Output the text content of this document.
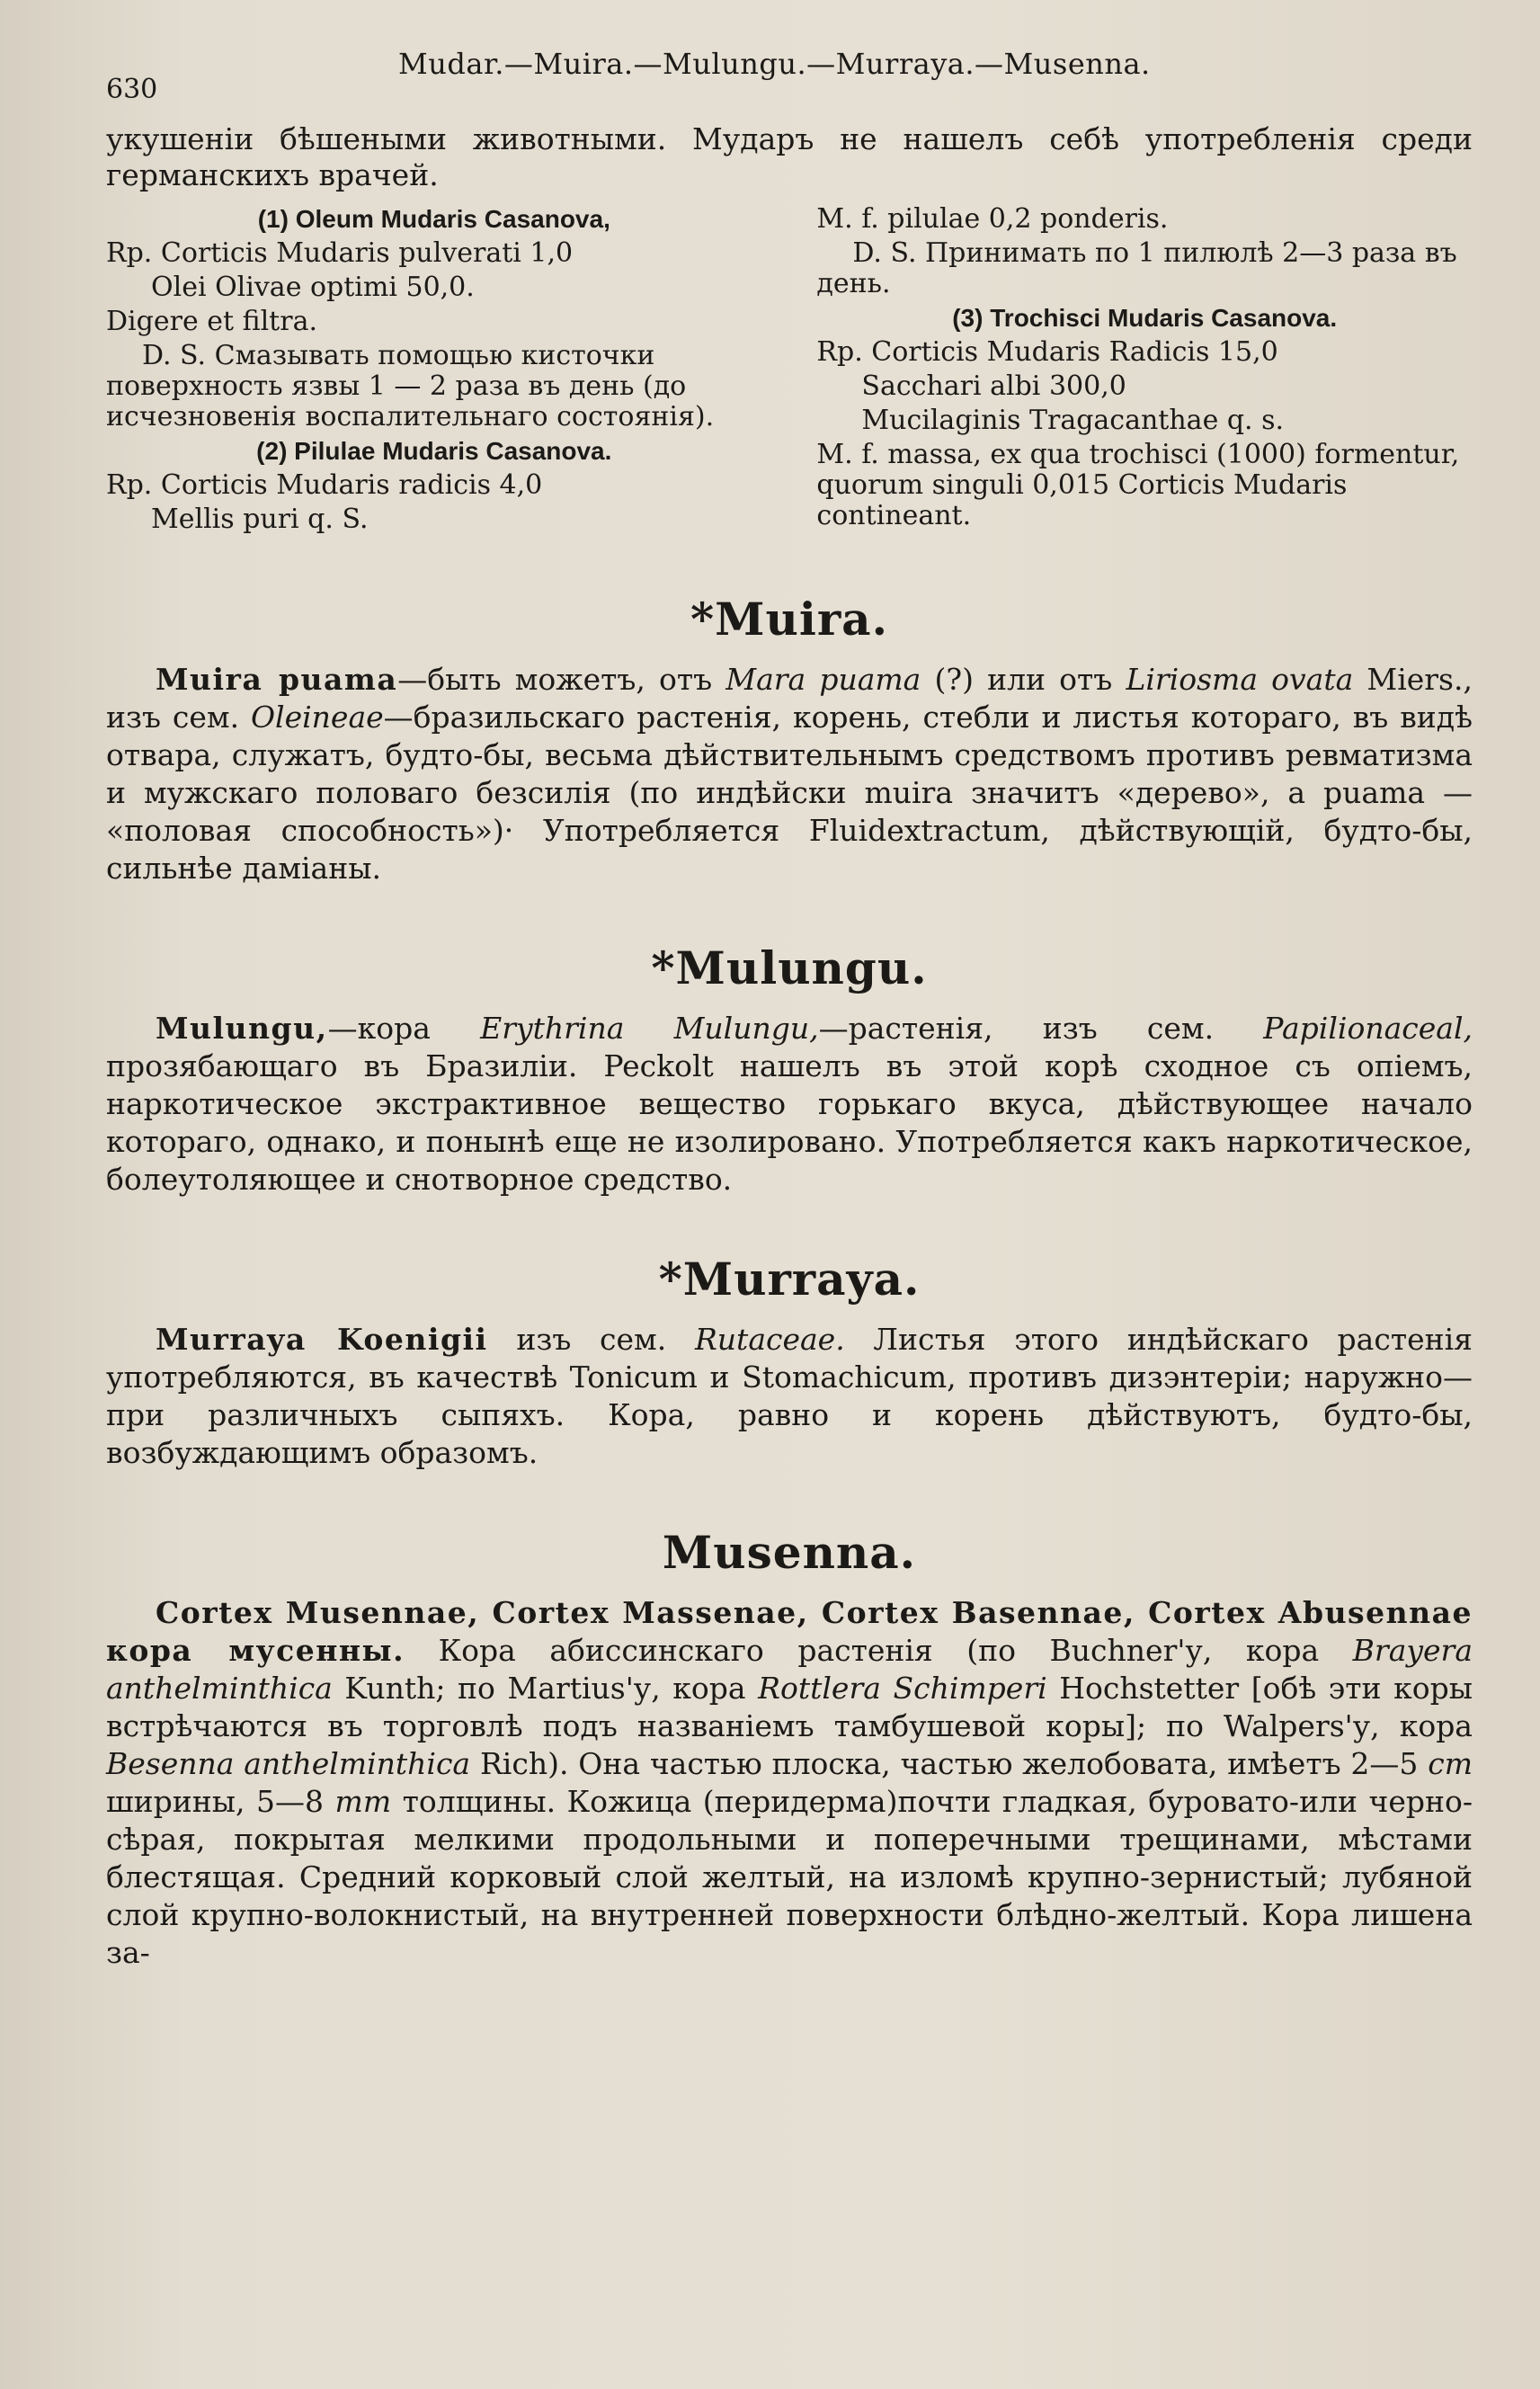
630
Mudar.—Muira.—Mulungu.—Murraya.—Musenna.

укушенiи бѣшеными животными. Мударъ не нашелъ себѣ употребленiя среди германскихъ врачей.

(1) Oleum Mudaris Casanova,

Rp. Corticis Mudaris pulverati 1,0

Olei Olivae optimi 50,0.

Digere et filtra.

D. S. Смазывать помощью кисточки поверхность язвы 1 — 2 раза въ день (до исчезновенiя воспалительнаго состоянiя).

(2) Pilulae Mudaris Casanova.

Rp. Corticis Mudaris radicis 4,0

Mellis puri q. S.

M. f. pilulae 0,2 ponderis.

D. S. Принимать по 1 пилюлѣ 2—3 раза въ день.

(3) Trochisci Mudaris Casanova.

Rp. Corticis Mudaris Radicis 15,0

Sacchari albi 300,0

Mucilaginis Tragacanthae q. s.

M. f. massa, ex qua trochisci (1000) formentur, quorum singuli 0,015 Corticis Mudaris contineant.

*Muira.

Muira puama—быть можетъ, отъ Mara puama (?) или отъ Liriosma ovata Miers., изъ сем. Oleineae—бразильскаго растенiя, корень, стебли и листья котораго, въ видѣ отвара, служатъ, будто-бы, весьма дѣйствительнымъ средствомъ противъ ревматизма и мужскаго половаго безсилiя (по индѣйски muira значитъ «дерево», а puama — «половая способность»)· Употребляется Fluidextractum, дѣйствующiй, будто-бы, сильнѣе дамiаны.

*Mulungu.

Mulungu,—кора Erythrina Mulungu,—растенiя, изъ сем. Papilionaceal, прозябающаго въ Бразилiи. Peckolt нашелъ въ этой корѣ сходное съ опiемъ, наркотическое экстрактивное вещество горькаго вкуса, дѣйствующее начало котораго, однако, и понынѣ еще не изолировано. Употребляется какъ наркотическое, болеутоляющее и снотворное средство.

*Murraya.

Murraya Koenigii изъ сем. Rutaceae. Листья этого индѣйскаго растенiя употребляются, въ качествѣ Tonicum и Stomachicum, противъ дизэнтерiи; наружно—при различныхъ сыпяхъ. Кора, равно и корень дѣйствуютъ, будто-бы, возбуждающимъ образомъ.

Musenna.

Cortex Musennae, Cortex Massenae, Cortex Basennae, Cortex Abusennae кора мусенны. Кора абиссинскаго растенiя (по Buchner'у, кора Brayera anthelminthica Kunth; по Martius'у, кора Rottlera Schimperi Hochstetter [обѣ эти коры встрѣчаются въ торговлѣ подъ названiемъ тамбушевой коры]; по Walpers'у, кора Besenna anthelminthica Rich). Она частью плоска, частью желобовата, имѣетъ 2—5 cm ширины, 5—8 mm толщины. Кожица (перидерма)почти гладкая, буровато-или черно-сѣрая, покрытая мелкими продольными и поперечными трещинами, мѣстами блестящая. Средний корковый слой желтый, на изломѣ крупно-зернистый; лубяной слой крупно-волокнистый, на внутренней поверхности блѣдно-желтый. Кора лишена за-
